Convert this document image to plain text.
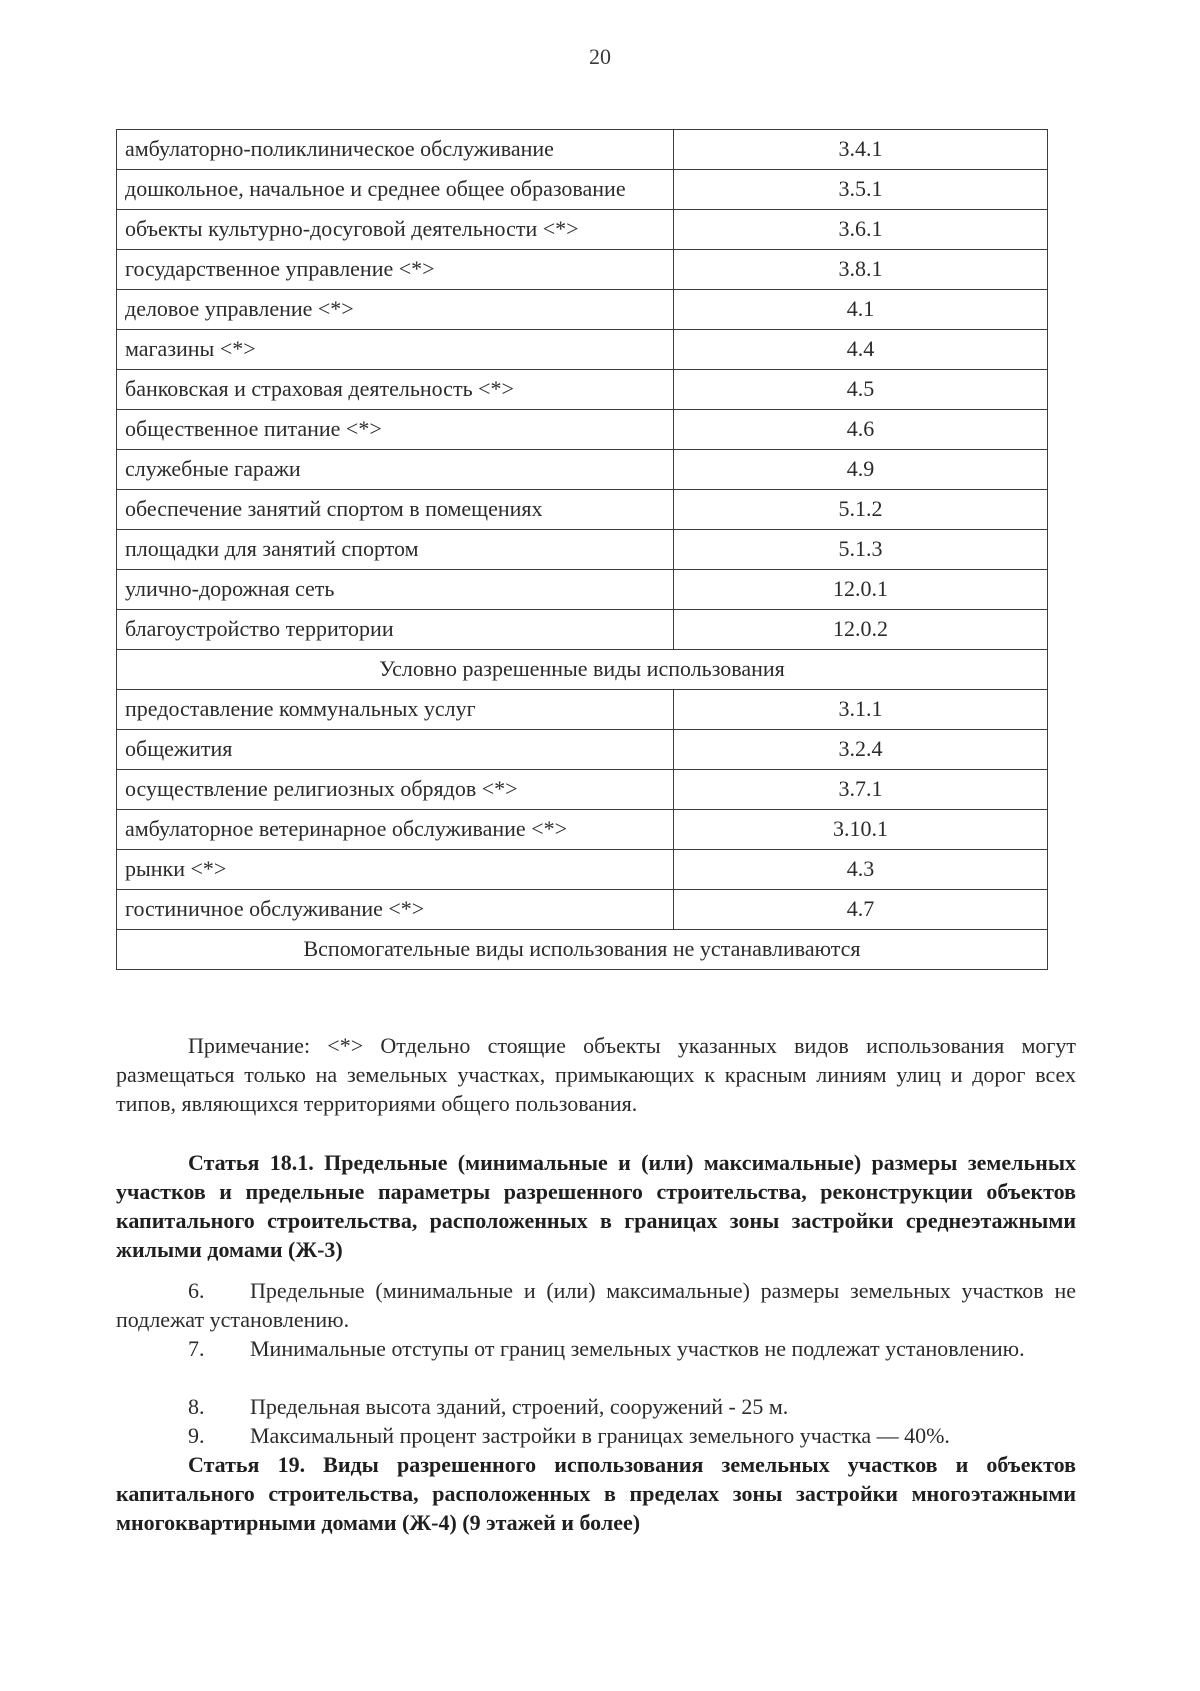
20
амбулаторно-поликлиническое обслуживание	3.4.1
дошкольное, начальное и среднее общее образование	3.5.1
объекты культурно-досуговой деятельности <*>	3.6.1
государственное управление <*>	3.8.1
деловое управление <*>	4.1
магазины <*>	4.4
банковская и страховая деятельность <*>	4.5
общественное питание <*>	4.6
служебные гаражи	4.9
обеспечение занятий спортом в помещениях	5.1.2
площадки для занятий спортом	5.1.3
улично-дорожная сеть	12.0.1
благоустройство территории	12.0.2
Условно разрешенные виды использования	
предоставление коммунальных услуг	3.1.1
общежития	3.2.4
осуществление религиозных обрядов <*>	3.7.1
амбулаторное ветеринарное обслуживание <*>	3.10.1
рынки <*>	4.3
гостиничное обслуживание <*>	4.7
Вспомогательные виды использования не устанавливаются	
Примечание: <*> Отдельно стоящие объекты указанных видов использования могут размещаться только на земельных участках, примыкающих к красным линиям улиц и дорог всех типов, являющихся территориями общего пользования.
Статья 18.1. Предельные (минимальные и (или) максимальные) размеры земельных участков и предельные параметры разрешенного строительства, реконструкции объектов капитального строительства, расположенных в границах зоны застройки среднеэтажными жилыми домами (Ж-3)
6. Предельные (минимальные и (или) максимальные) размеры земельных участков не подлежат установлению.
7. Минимальные отступы от границ земельных участков не подлежат установлению.
8. Предельная высота зданий, строений, сооружений - 25 м.
9. Максимальный процент застройки в границах земельного участка — 40%.
Статья 19. Виды разрешенного использования земельных участков и объектов капитального строительства, расположенных в пределах зоны застройки многоэтажными многоквартирными домами (Ж-4) (9 этажей и более)
